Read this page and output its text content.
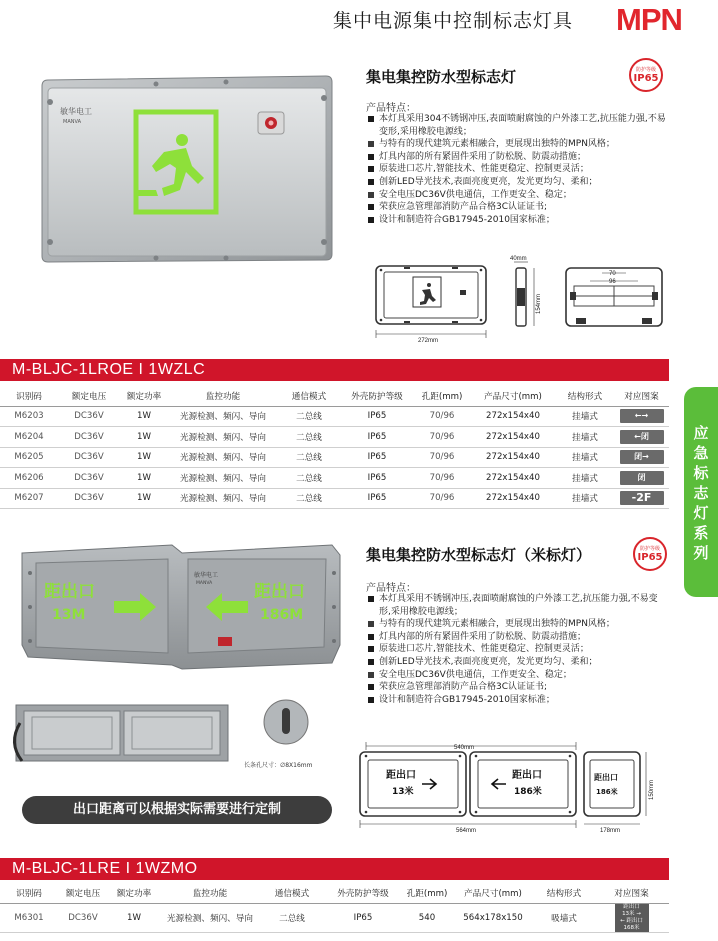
集中电源集中控制标志灯具 MPN
敏华电工
MANVA
集电集控防水型标志灯	防护等级
IP65
产品特点：
本灯具采用304不锈钢冲压,表面喷耐腐蚀的户外漆工艺,抗压能力强,不易变形,采用橡胶电源线；
与特有的现代建筑元素相融合，更展现出独特的MPN风格；
灯具内部的所有紧固件采用了防松脱、防震动措施；
原装进口芯片,智能技术、性能更稳定、控制更灵活；
创新LED导光技术,表面亮度更亮，发光更均匀、柔和；
安全电压DC36V供电通信，工作更安全、稳定；
荣获应急管理部消防产品合格3C认证证书;
设计和制造符合GB17945-2010国家标准；
272mm
40mm
154mm
70
96
M-BLJC-1LROE I 1WZLC
识别码	额定电压	额定功率	监控功能	通信模式	外壳防护等级	孔距(mm)	产品尺寸(mm)	结构形式	对应图案
M6203	DC36V	1W	光源检测、频闪、导向	二总线	IP65	70/96	272x154x40	挂墙式	←→
M6204	DC36V	1W	光源检测、频闪、导向	二总线	IP65	70/96	272x154x40	挂墙式	←闭
M6205	DC36V	1W	光源检测、频闪、导向	二总线	IP65	70/96	272x154x40	挂墙式	闭→
M6206	DC36V	1W	光源检测、频闪、导向	二总线	IP65	70/96	272x154x40	挂墙式	闭
M6207	DC36V	1W	光源检测、频闪、导向	二总线	IP65	70/96	272x154x40	挂墙式	-2F
应急标志灯系列
距出口
13M
敏华电工
MANVA 距出口
186M
长条孔尺寸：∅8X16mm
出口距离可以根据实际需要进行定制
集电集控防水型标志灯（米标灯）	防护等级
IP65
产品特点：
本灯具采用不锈钢冲压,表面喷耐腐蚀的户外漆工艺,抗压能力强,不易变形,采用橡胶电源线；
与特有的现代建筑元素相融合，更展现出独特的MPN风格；
灯具内部的所有紧固件采用了防松脱、防震动措施；
原装进口芯片,智能技术、性能更稳定、控制更灵活；
创新LED导光技术,表面亮度更亮，发光更均匀、柔和；
安全电压DC36V供电通信，工作更安全、稳定；
荣获应急管理部消防产品合格3C认证证书;
设计和制造符合GB17945-2010国家标准；
540mm
距出口
13米
距出口
186米
564mm
距出口
186米	150mm
178mm
M-BLJC-1LRE I 1WZMO
识别码	额定电压	额定功率	监控功能	通信模式	外壳防护等级	孔距(mm)	产品尺寸(mm)	结构形式	对应图案
M6301	DC36V	1W	光源检测、频闪、导向	二总线	IP65	540	564x178x150	吸墙式	距出口
13米 →← 距出口
168米
